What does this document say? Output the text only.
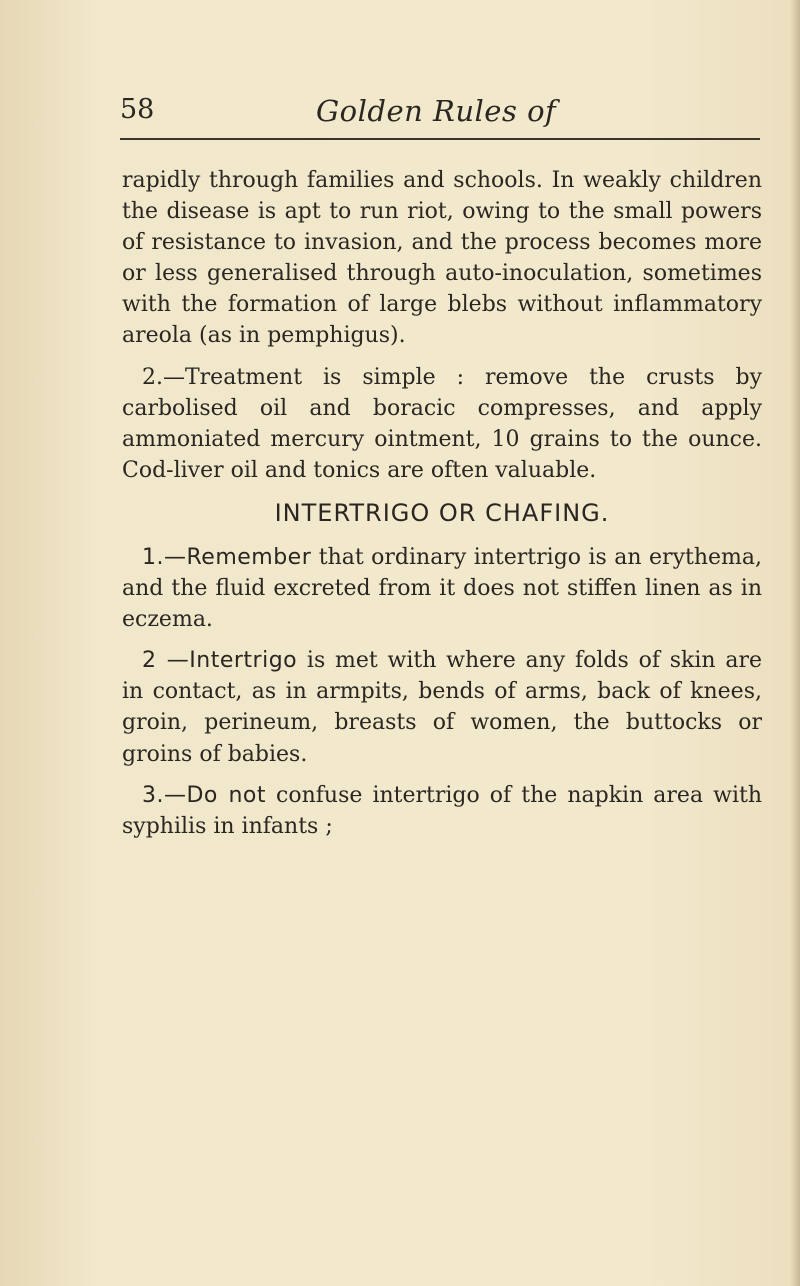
58	Golden Rules of

rapidly through families and schools. In weakly children the disease is apt to run riot, owing to the small powers of resistance to invasion, and the process becomes more or less generalised through auto-inoculation, sometimes with the formation of large blebs without inflammatory areola (as in pemphigus).

2.—Treatment is simple : remove the crusts by carbolised oil and boracic compresses, and apply ammoniated mercury ointment, 10 grains to the ounce. Cod-liver oil and tonics are often valuable.

INTERTRIGO OR CHAFING.

1.—Remember that ordinary intertrigo is an erythema, and the fluid excreted from it does not stiffen linen as in eczema.

2 —Intertrigo is met with where any folds of skin are in contact, as in armpits, bends of arms, back of knees, groin, perineum, breasts of women, the buttocks or groins of babies.

3.—Do not confuse intertrigo of the napkin area with syphilis in infants ;
